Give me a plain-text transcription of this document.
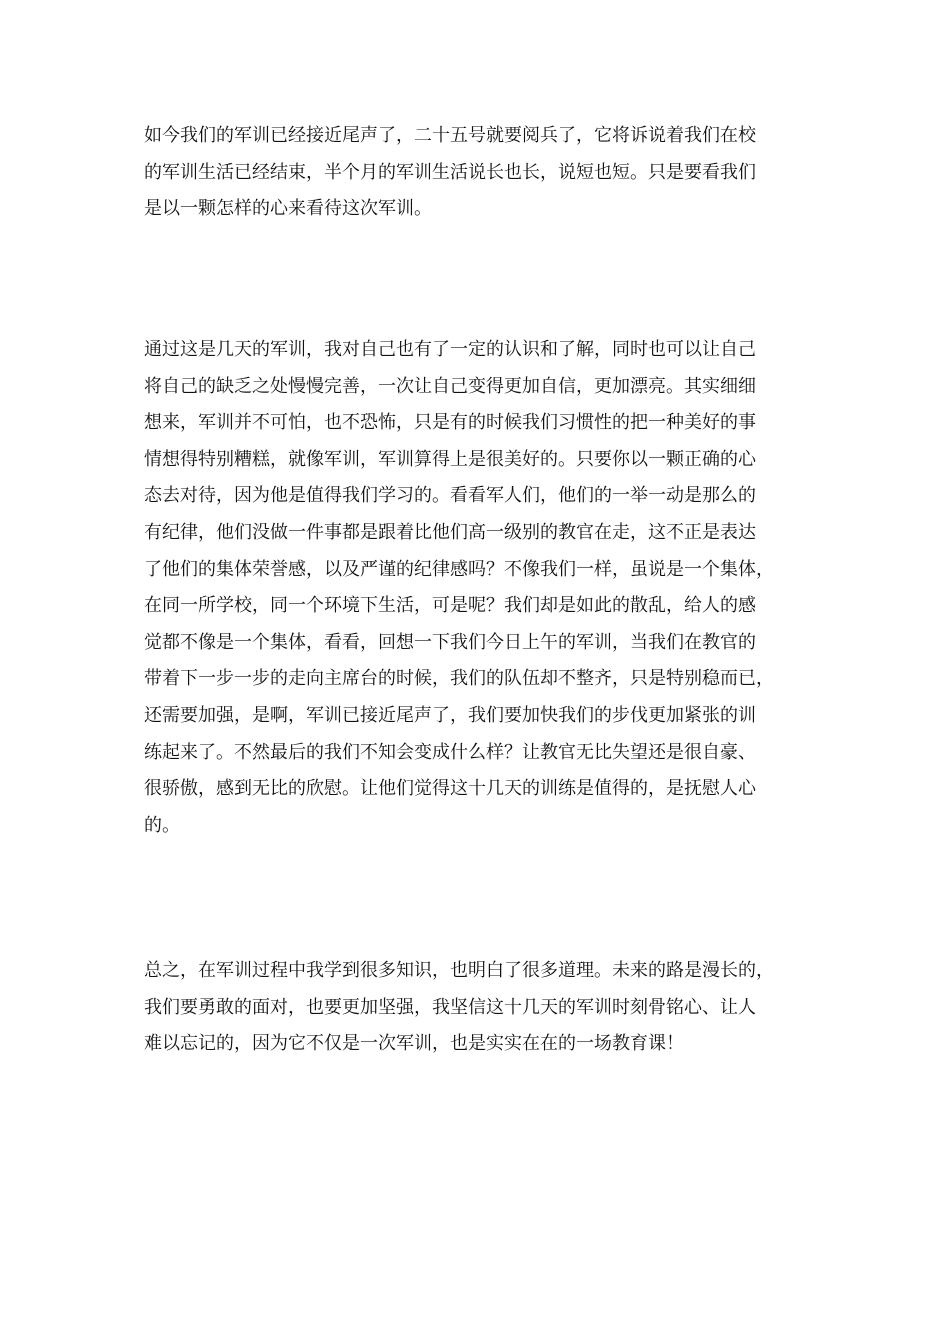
如今我们的军训已经接近尾声了，二十五号就要阅兵了，它将诉说着我们在校
的军训生活已经结束，半个月的军训生活说长也长，说短也短。只是要看我们
是以一颗怎样的心来看待这次军训。
通过这是几天的军训，我对自己也有了一定的认识和了解，同时也可以让自己
将自己的缺乏之处慢慢完善，一次让自己变得更加自信，更加漂亮。其实细细
想来，军训并不可怕，也不恐怖，只是有的时候我们习惯性的把一种美好的事
情想得特别糟糕，就像军训，军训算得上是很美好的。只要你以一颗正确的心
态去对待，因为他是值得我们学习的。看看军人们，他们的一举一动是那么的
有纪律，他们没做一件事都是跟着比他们高一级别的教官在走，这不正是表达
了他们的集体荣誉感，以及严谨的纪律感吗？不像我们一样，虽说是一个集体，
在同一所学校，同一个环境下生活，可是呢？我们却是如此的散乱，给人的感
觉都不像是一个集体，看看，回想一下我们今日上午的军训，当我们在教官的
带着下一步一步的走向主席台的时候，我们的队伍却不整齐，只是特别稳而已，
还需要加强，是啊，军训已接近尾声了，我们要加快我们的步伐更加紧张的训
练起来了。不然最后的我们不知会变成什么样？让教官无比失望还是很自豪、
很骄傲，感到无比的欣慰。让他们觉得这十几天的训练是值得的，是抚慰人心
的。
总之，在军训过程中我学到很多知识，也明白了很多道理。未来的路是漫长的，
我们要勇敢的面对，也要更加坚强，我坚信这十几天的军训时刻骨铭心、让人
难以忘记的，因为它不仅是一次军训，也是实实在在的一场教育课！
